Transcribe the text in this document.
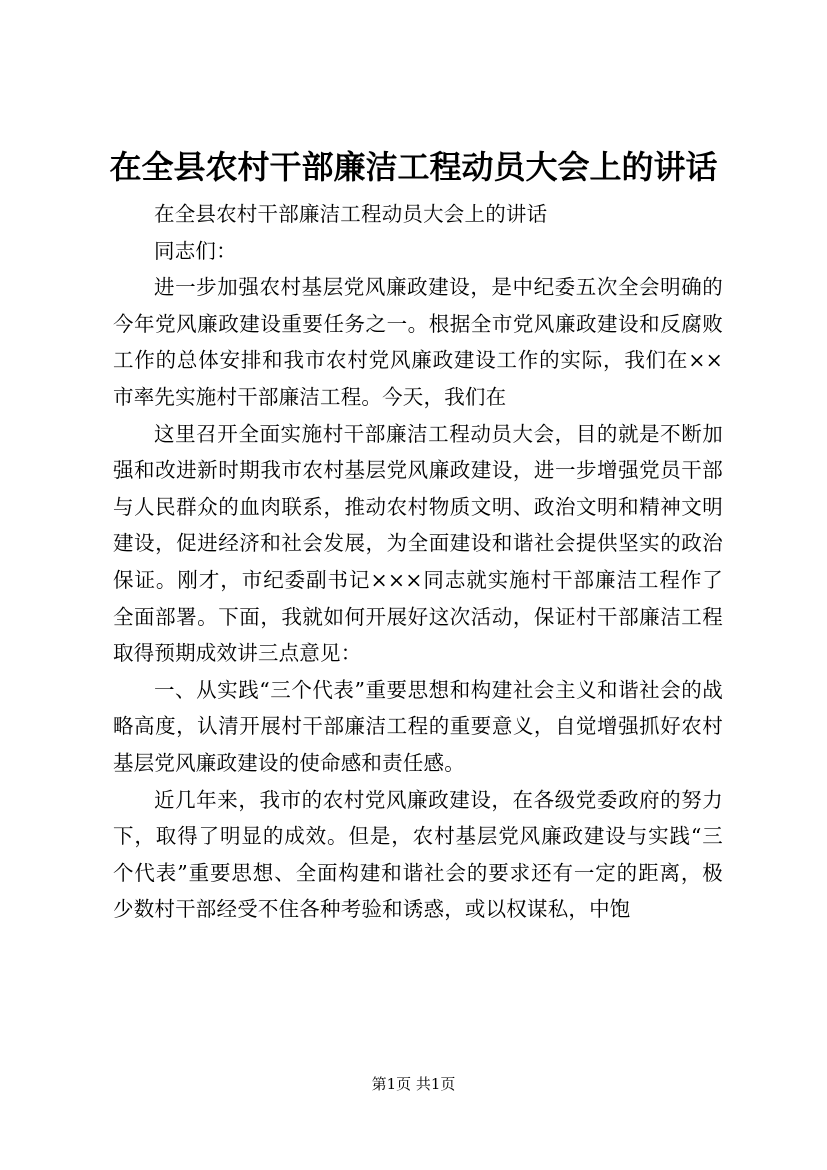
在全县农村干部廉洁工程动员大会上的讲话

在全县农村干部廉洁工程动员大会上的讲话

同志们：

进一步加强农村基层党风廉政建设，是中纪委五次全会明确的今年党风廉政建设重要任务之一。根据全市党风廉政建设和反腐败工作的总体安排和我市农村党风廉政建设工作的实际，我们在××市率先实施村干部廉洁工程。今天，我们在

这里召开全面实施村干部廉洁工程动员大会，目的就是不断加强和改进新时期我市农村基层党风廉政建设，进一步增强党员干部与人民群众的血肉联系，推动农村物质文明、政治文明和精神文明建设，促进经济和社会发展，为全面建设和谐社会提供坚实的政治保证。刚才，市纪委副书记×××同志就实施村干部廉洁工程作了全面部署。下面，我就如何开展好这次活动，保证村干部廉洁工程取得预期成效讲三点意见：

一、从实践“三个代表”重要思想和构建社会主义和谐社会的战略高度，认清开展村干部廉洁工程的重要意义，自觉增强抓好农村基层党风廉政建设的使命感和责任感。

近几年来，我市的农村党风廉政建设，在各级党委政府的努力下，取得了明显的成效。但是，农村基层党风廉政建设与实践“三个代表”重要思想、全面构建和谐社会的要求还有一定的距离，极少数村干部经受不住各种考验和诱惑，或以权谋私，中饱

第1页 共1页
